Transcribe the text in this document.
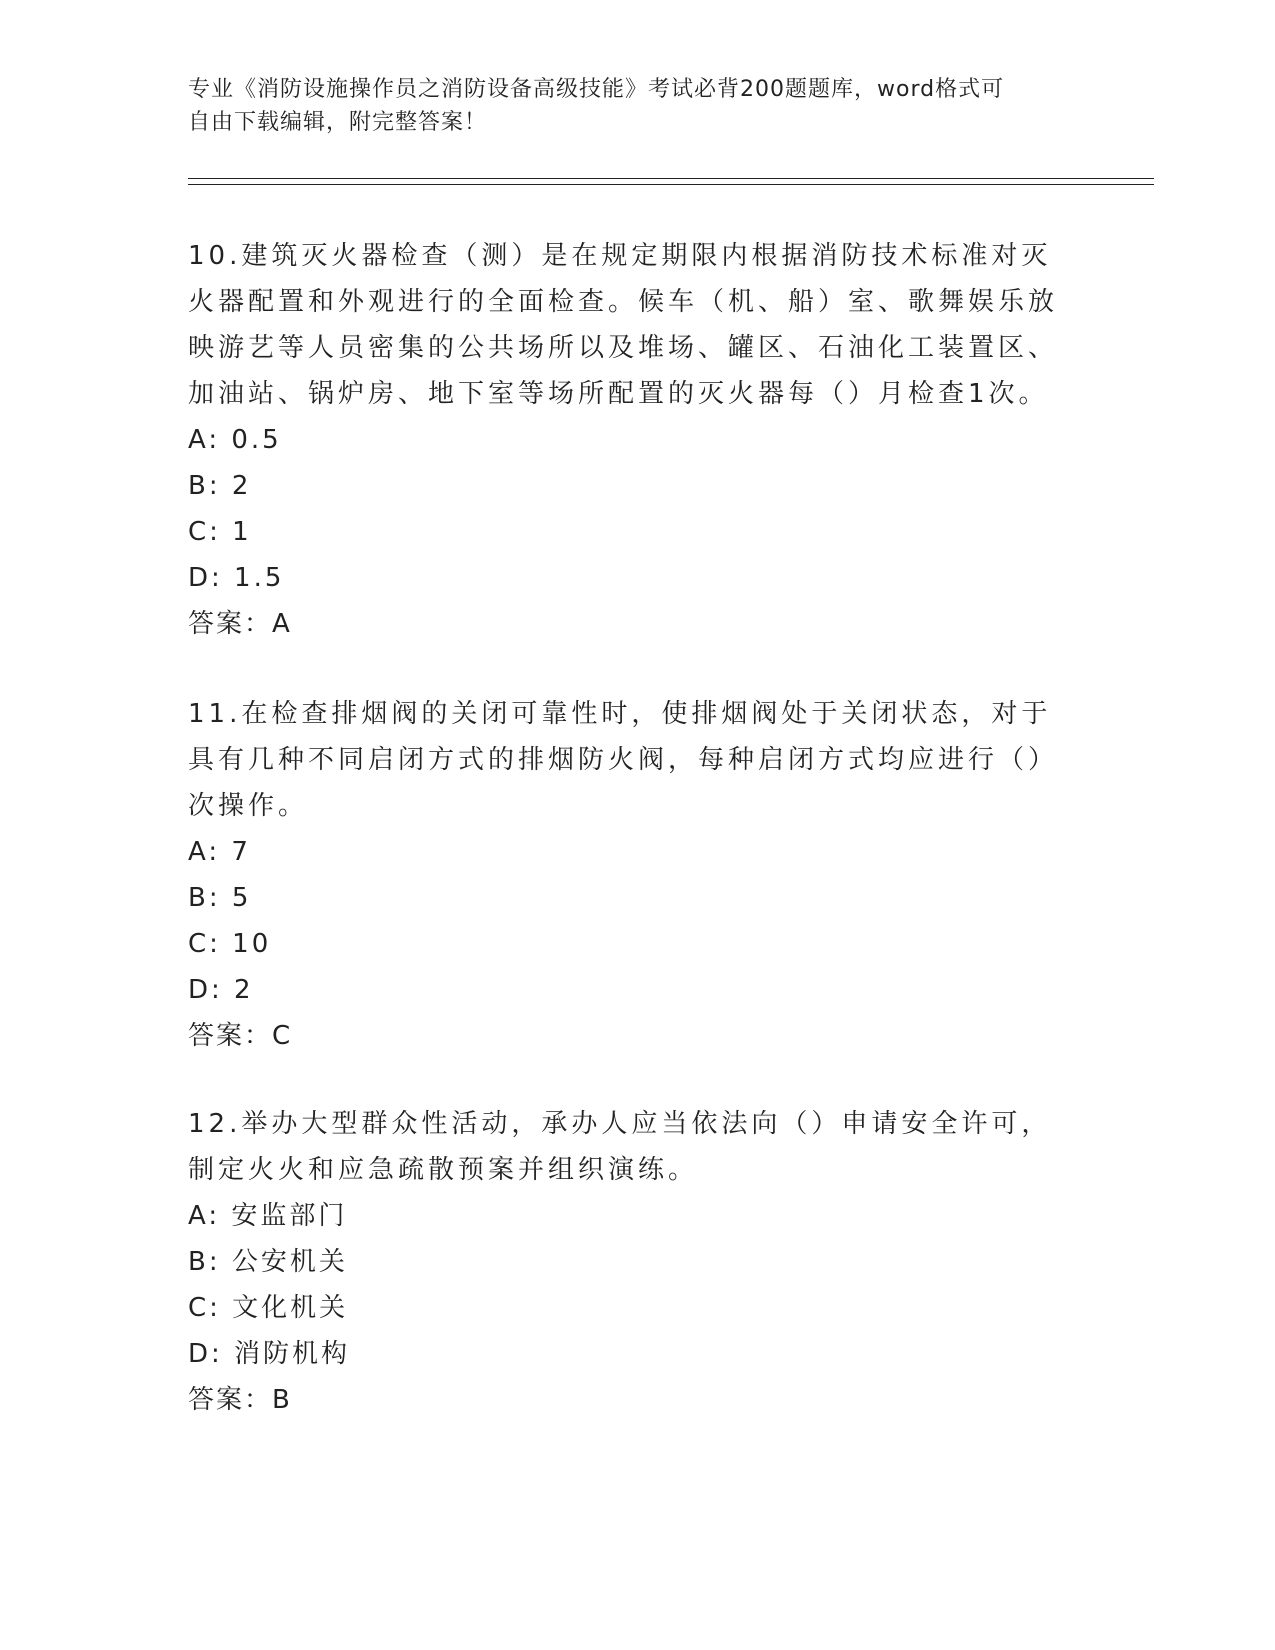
专业《消防设施操作员之消防设备高级技能》考试必背200题题库，word格式可
自由下载编辑，附完整答案！

10.建筑灭火器检查（测）是在规定期限内根据消防技术标准对灭火器配置和外观进行的全面检查。候车（机、船）室、歌舞娱乐放映游艺等人员密集的公共场所以及堆场、罐区、石油化工装置区、加油站、锅炉房、地下室等场所配置的灭火器每（）月检查1次。

A: 0.5

B: 2

C: 1

D: 1.5

答案：A

11.在检查排烟阀的关闭可靠性时，使排烟阀处于关闭状态，对于具有几种不同启闭方式的排烟防火阀，每种启闭方式均应进行（）次操作。

A: 7

B: 5

C: 10

D: 2

答案：C

12.举办大型群众性活动，承办人应当依法向（）申请安全许可，制定火火和应急疏散预案并组织演练。

A: 安监部门

B: 公安机关

C: 文化机关

D: 消防机构

答案：B
